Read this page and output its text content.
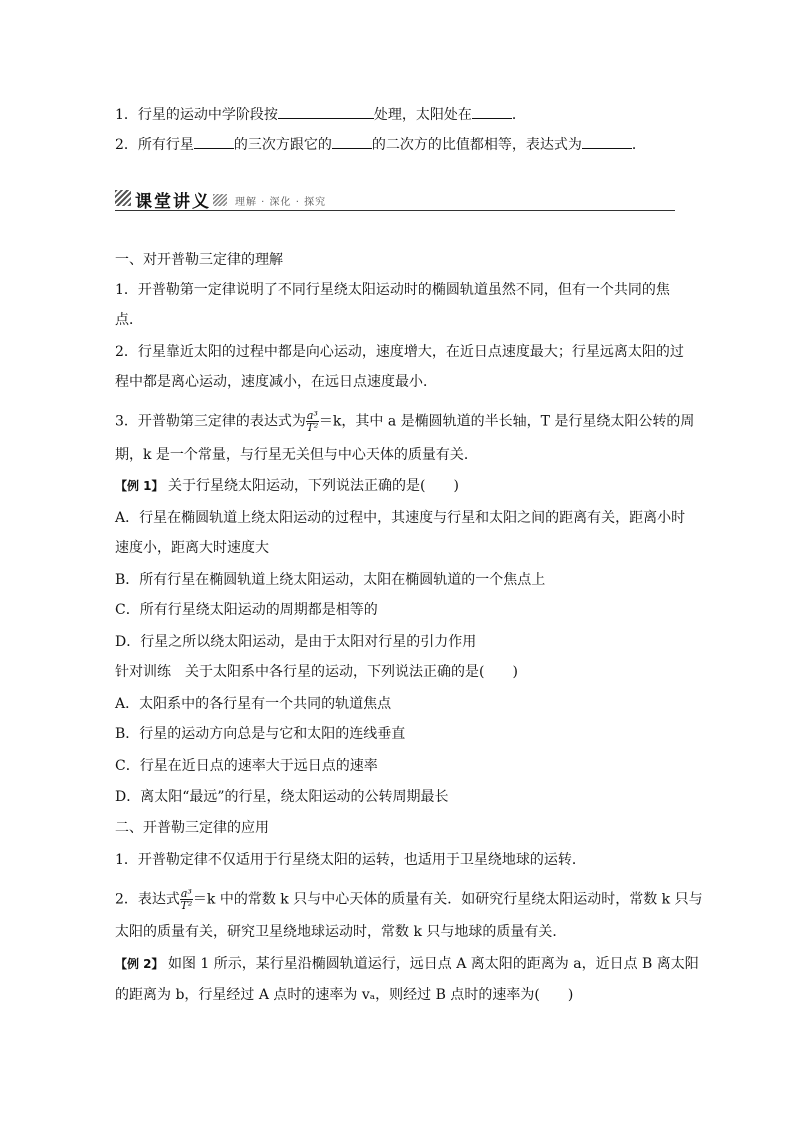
1．行星的运动中学阶段按	处理，太阳处在	．
2．所有行星	的三次方跟它的	的二次方的比值都相等，表达式为	．
课堂讲义 理解 · 深化 · 探究
一、对开普勒三定律的理解
1．开普勒第一定律说明了不同行星绕太阳运动时的椭圆轨道虽然不同，但有一个共同的焦
点．
2．行星靠近太阳的过程中都是向心运动，速度增大，在近日点速度最大；行星远离太阳的过
程中都是离心运动，速度减小，在远日点速度最小．
3．开普勒第三定律的表达式为 $\frac{\text{a³}}{\text{T²}} =k$，其中 a 是椭圆轨道的半长轴，T 是行星绕太阳公转的周
期，k 是一个常量，与行星无关但与中心天体的质量有关．
【例 1】 关于行星绕太阳运动，下列说法正确的是(　　)
A．行星在椭圆轨道上绕太阳运动的过程中，其速度与行星和太阳之间的距离有关，距离小时
速度小，距离大时速度大
B．所有行星在椭圆轨道上绕太阳运动，太阳在椭圆轨道的一个焦点上
C．所有行星绕太阳运动的周期都是相等的
D．行星之所以绕太阳运动，是由于太阳对行星的引力作用
针对训练　关于太阳系中各行星的运动，下列说法正确的是(　　)
A．太阳系中的各行星有一个共同的轨道焦点
B．行星的运动方向总是与它和太阳的连线垂直
C．行星在近日点的速率大于远日点的速率
D．离太阳“最远”的行星，绕太阳运动的公转周期最长
二、开普勒三定律的应用
1．开普勒定律不仅适用于行星绕太阳的运转，也适用于卫星绕地球的运转．
2．表达式 $\frac{\text{a³}}{\text{T²}} =k$ 中的常数 k 只与中心天体的质量有关．如研究行星绕太阳运动时，常数 k 只与
太阳的质量有关，研究卫星绕地球运动时，常数 k 只与地球的质量有关．
【例 2】 如图 1 所示，某行星沿椭圆轨道运行，远日点 A 离太阳的距离为 a，近日点 B 离太阳
的距离为 b，行星经过 A 点时的速率为 vₐ，则经过 B 点时的速率为(　　)
